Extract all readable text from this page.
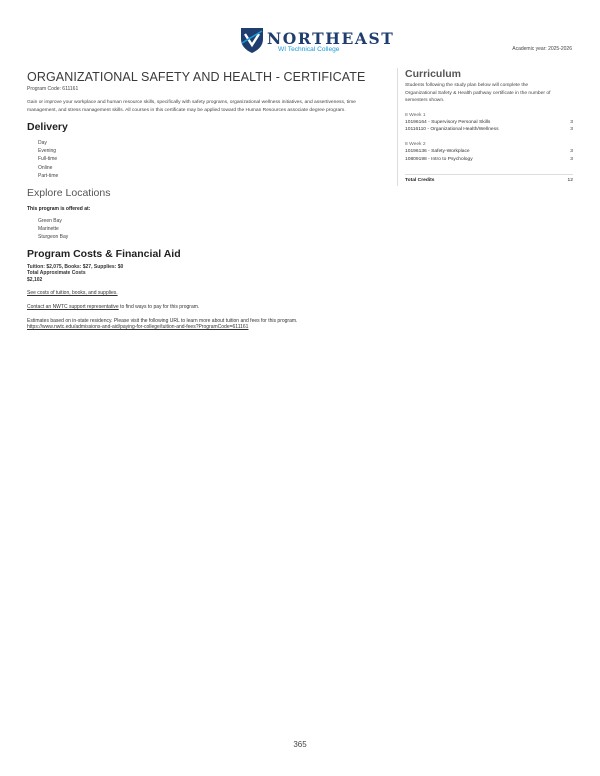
NORTHEAST
WI Technical College	Academic year: 2025-2026
ORGANIZATIONAL SAFETY AND HEALTH - CERTIFICATE
Program Code: 611161

Gain or improve your workplace and human resource skills, specifically with safety programs, organizational wellness initiatives, and assertiveness, time management, and stress management skills. All courses in this certificate may be applied toward the Human Resources associate degree program.

Delivery
Day
Evening
Full-time
Online
Part-time
Explore Locations
This program is offered at:
Green Bay
Marinette
Sturgeon Bay
Program Costs & Financial Aid
Tuition: $2,075, Books: $27, Supplies: $0
Total Approximate Costs
$2,102
See costs of tuition, books, and supplies.
Contact an NWTC support representative to find ways to pay for this program.
Estimates based on in-state residency. Please visit the following URL to learn more about tuition and fees for this program.
https://www.nwtc.edu/admissions-and-aid/paying-for-college/tuition-and-fees?ProgramCode=611161
Curriculum

Students following the study plan below will complete the Organizational Safety & Health pathway certificate in the number of semesters shown.

8 Week 1
10196164 - Supervisory Personal Skills	3
10116110 - Organizational Health/Wellness	3
8 Week 2
10196136 - Safety-Workplace	3
10809198 - Intro to Psychology	3
Total Credits	12
365
